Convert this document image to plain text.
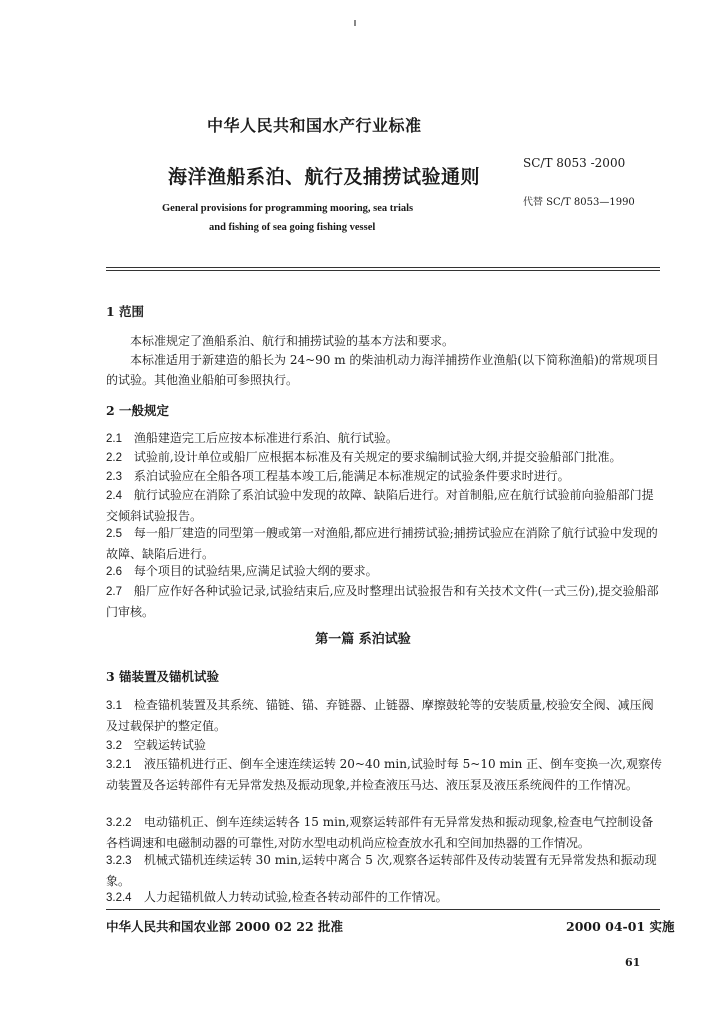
中华人民共和国水产行业标准
SC/T 8053 -2000
海洋渔船系泊、航行及捕捞试验通则
代替 SC/T 8053—1990
General provisions for programming mooring, sea trials
and fishing of sea going fishing vessel
1 范围
本标准规定了渔船系泊、航行和捕捞试验的基本方法和要求。
本标准适用于新建造的船长为 24~90 m 的柴油机动力海洋捕捞作业渔船(以下简称渔船)的常规项目的试验。其他渔业船舶可参照执行。
2 一般规定
2.1 渔船建造完工后应按本标准进行系泊、航行试验。
2.2 试验前,设计单位或船厂应根据本标准及有关规定的要求编制试验大纲,并提交验船部门批准。
2.3 系泊试验应在全船各项工程基本竣工后,能满足本标准规定的试验条件要求时进行。
2.4 航行试验应在消除了系泊试验中发现的故障、缺陷后进行。对首制船,应在航行试验前向验船部门提交倾斜试验报告。
2.5 每一船厂建造的同型第一艘或第一对渔船,都应进行捕捞试验;捕捞试验应在消除了航行试验中发现的故障、缺陷后进行。
2.6 每个项目的试验结果,应满足试验大纲的要求。
2.7 船厂应作好各种试验记录,试验结束后,应及时整理出试验报告和有关技术文件(一式三份),提交验船部门审核。
第一篇 系泊试验
3 锚装置及锚机试验
3.1 检查锚机装置及其系统、锚链、锚、弃链器、止链器、摩擦鼓轮等的安装质量,校验安全阀、减压阀及过载保护的整定值。
3.2 空载运转试验
3.2.1 液压锚机进行正、倒车全速连续运转 20~40 min,试验时每 5~10 min 正、倒车变换一次,观察传动装置及各运转部件有无异常发热及振动现象,并检查液压马达、液压泵及液压系统阀件的工作情况。
3.2.2 电动锚机正、倒车连续运转各 15 min,观察运转部件有无异常发热和振动现象,检查电气控制设备各档调速和电磁制动器的可靠性,对防水型电动机尚应检查放水孔和空间加热器的工作情况。
3.2.3 机械式锚机连续运转 30 min,运转中离合 5 次,观察各运转部件及传动装置有无异常发热和振动现象。
3.2.4 人力起锚机做人力转动试验,检查各转动部件的工作情况。
中华人民共和国农业部 2000 02 22 批准	2000 04-01 实施
61
